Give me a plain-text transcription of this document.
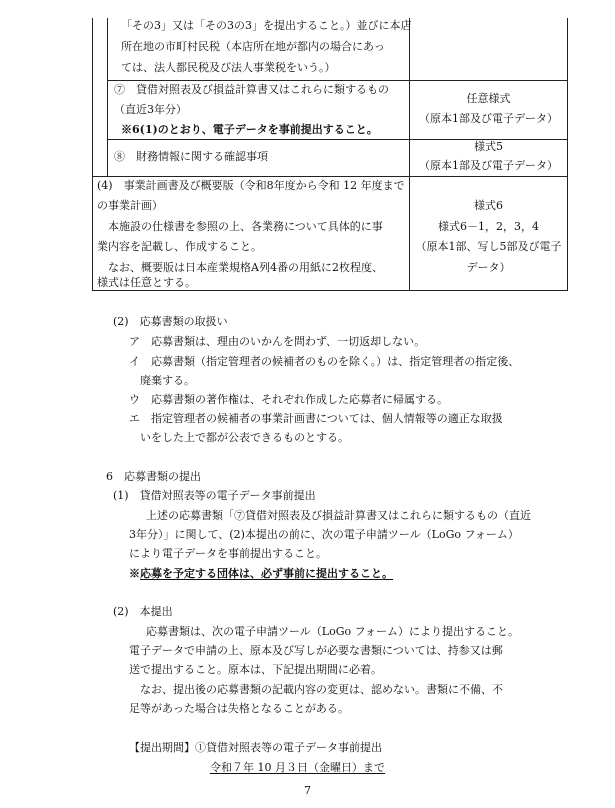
「その3」又は「その3の3」を提出すること。）並びに本店
所在地の市町村民税（本店所在地が都内の場合にあっ
ては、法人都民税及び法人事業税をいう。）
⑦　貸借対照表及び損益計算書又はこれらに類するもの
（直近3年分）
※6(1)のとおり、電子データを事前提出すること。
任意様式
（原本1部及び電子データ）
⑧　財務情報に関する確認事項
様式5
（原本1部及び電子データ）
(4)　事業計画書及び概要版（令和8年度から令和 12 年度まで
の事業計画）
　本施設の仕様書を参照の上、各業務について具体的に事
業内容を記載し、作成すること。
　なお、概要版は日本産業規格A列4番の用紙に2枚程度、
様式は任意とする。
様式6
様式6－1，2，3，4
（原本1部、写し5部及び電子
データ）
(2)　応募書類の取扱い
ア　応募書類は、理由のいかんを問わず、一切返却しない。
イ　応募書類（指定管理者の候補者のものを除く。）は、指定管理者の指定後、
　廃棄する。
ウ　応募書類の著作権は、それぞれ作成した応募者に帰属する。
エ　指定管理者の候補者の事業計画書については、個人情報等の適正な取扱
　いをした上で都が公表できるものとする。
6　応募書類の提出
(1)　貸借対照表等の電子データ事前提出
上述の応募書類「⑦貸借対照表及び損益計算書又はこれらに類するもの（直近
3年分）」に関して、(2)本提出の前に、次の電子申請ツール（LoGo フォーム）
により電子データを事前提出すること。
※応募を予定する団体は、必ず事前に提出すること。
(2)　本提出
応募書類は、次の電子申請ツール（LoGo フォーム）により提出すること。
電子データで申請の上、原本及び写しが必要な書類については、持参又は郵
送で提出すること。原本は、下記提出期間に必着。
　なお、提出後の応募書類の記載内容の変更は、認めない。書類に不備、不
足等があった場合は失格となることがある。
【提出期間】①貸借対照表等の電子データ事前提出
令和７年 10 月３日（金曜日）まで
7
